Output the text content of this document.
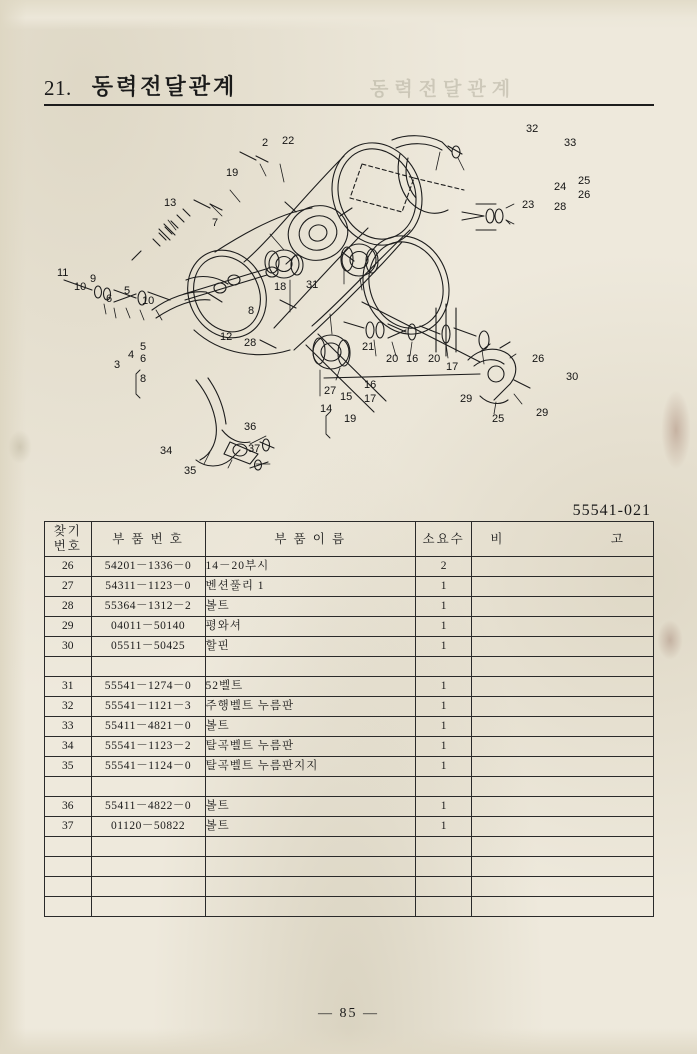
동력전달관계
21. 동력전달관계
2 22
32
33
19
13
7
25
26
24
23 28
11
10
9
6
5
10
18 31
8
12 28
3
5
6
4
8
21
20 16 20
17
26
30
27
29
25	29
14
15
16
17
19
34
35
36
37
55541-021
찾기
번호	부 품 번 호	부 품 이 름	소요수	비 고

26	54201－1336－0	14－20부시	2	
27	54311－1123－0	벤션풀리 1	1	
28	55364－1312－2	볼트	1	
29	04011－50140	평와셔	1	
30	05511－50425	할핀	1	

31	55541－1274－0	52벨트	1	
32	55541－1121－3	주행벨트 누름판	1	
33	55411－4821－0	볼트	1	
34	55541－1123－2	탈곡벨트 누름판	1	
35	55541－1124－0	탈곡벨트 누름판지지	1	

36	55411－4822－0	볼트	1	
37	01120－50822	볼트	1	

— 85 —
